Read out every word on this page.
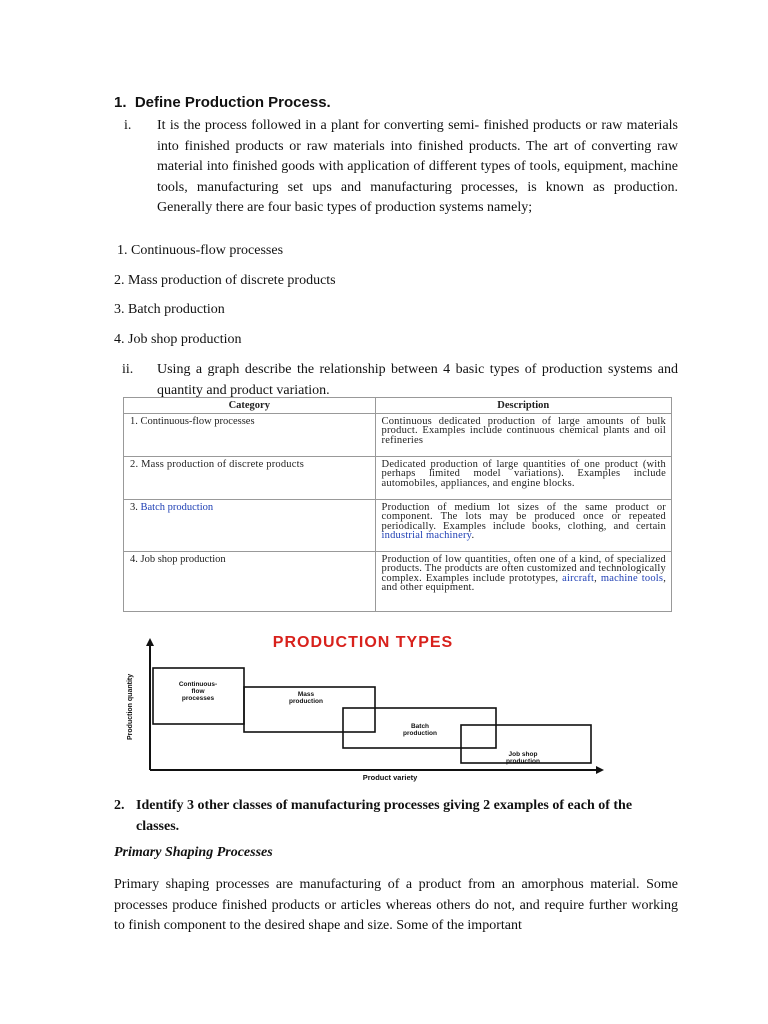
1.  Define Production Process.
i. It is the process followed in a plant for converting semi- finished products or raw materials into finished products or raw materials into finished products. The art of converting raw material into finished goods with application of different types of tools, equipment, machine tools, manufacturing set ups and manufacturing processes, is known as production. Generally there are four basic types of production systems namely;
1. Continuous-flow processes
2. Mass production of discrete products
3. Batch production
4. Job shop production
ii. Using a graph describe the relationship between 4 basic types of production systems and quantity and product variation.
Category	Description
1. Continuous-flow processes	Continuous dedicated production of large amounts of bulk product. Examples include continuous chemical plants and oil refineries
2. Mass production of discrete products	Dedicated production of large quantities of one product (with perhaps limited model variations). Examples include automobiles, appliances, and engine blocks.
3. Batch production	Production of medium lot sizes of the same product or component. The lots may be produced once or repeated periodically. Examples include books, clothing, and certain industrial machinery.
4. Job shop production	Production of low quantities, often one of a kind, of specialized products. The products are often customized and technologically complex. Examples include prototypes, aircraft, machine tools, and other equipment.
PRODUCTION TYPES
Production quantity
Product variety
Continuous-
flow
processes
Mass
production
Batch
production
Job shop
production
2. Identify 3 other classes of manufacturing processes giving 2 examples of each of the classes.
Primary Shaping Processes
Primary shaping processes are manufacturing of a product from an amorphous material. Some processes produce finished products or articles whereas others do not, and require further working to finish component to the desired shape and size. Some of the important
